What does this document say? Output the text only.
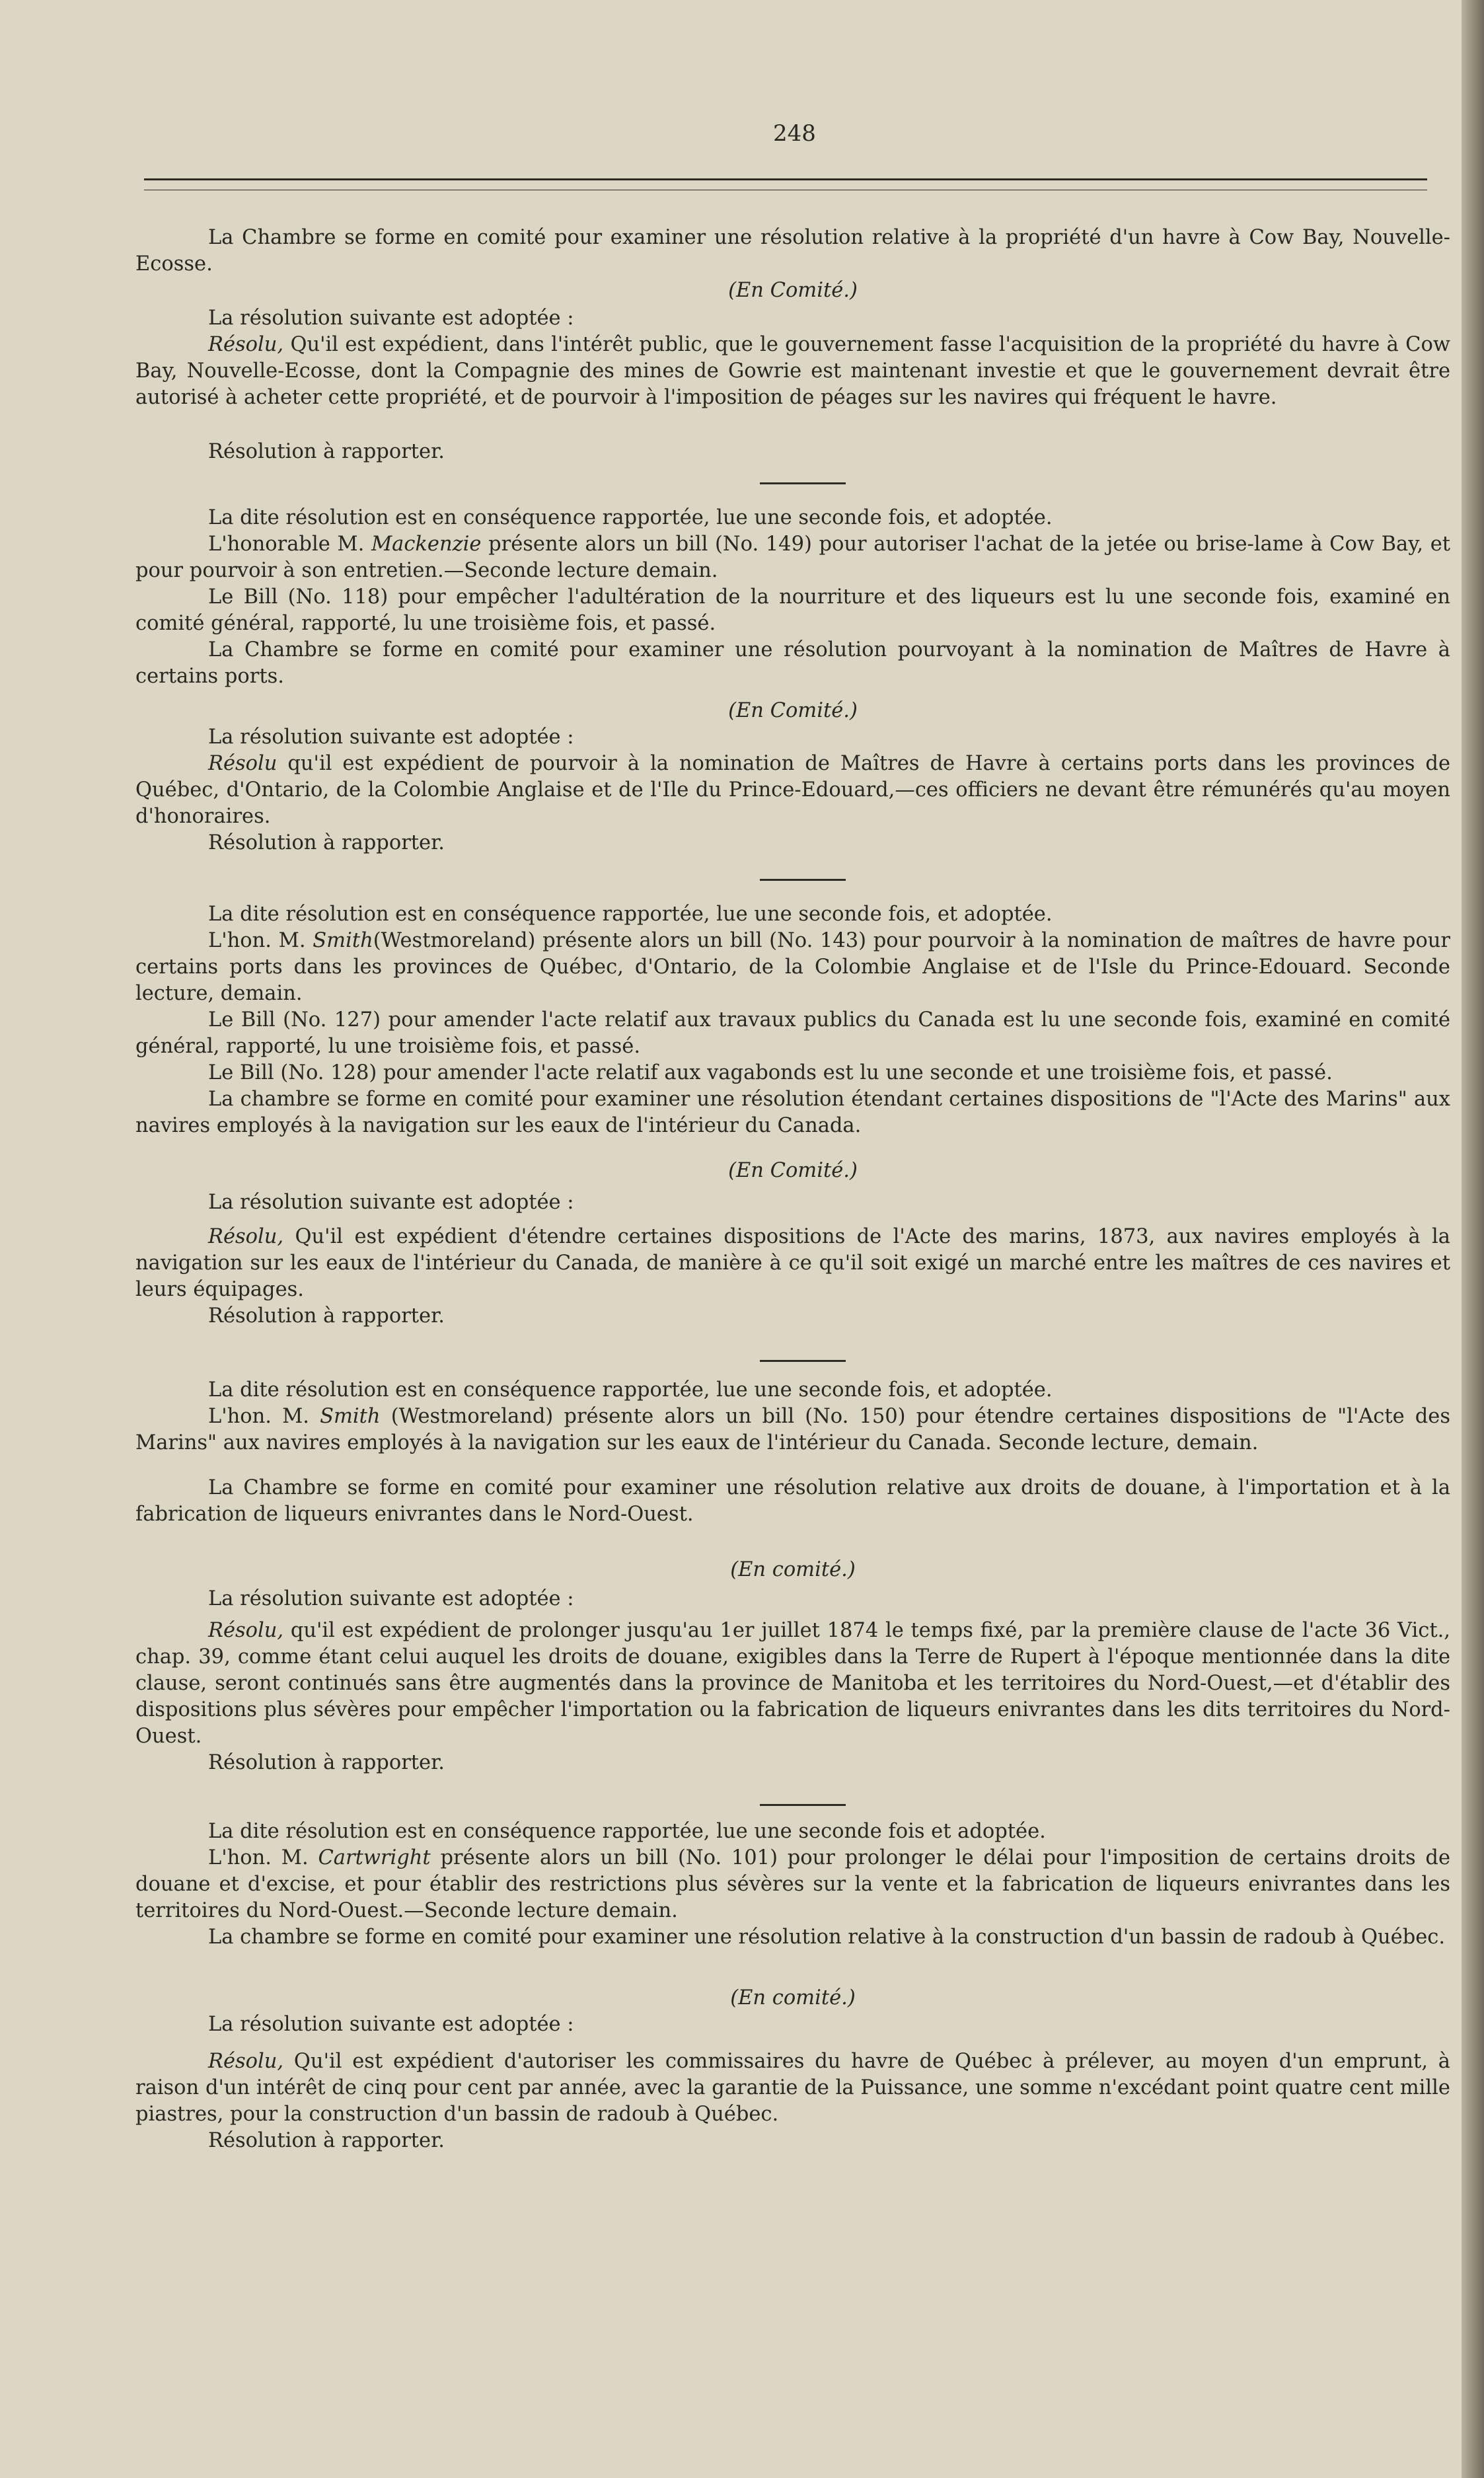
248
La Chambre se forme en comité pour examiner une résolution relative à la propriété d'un havre à Cow Bay, Nouvelle-Ecosse.
(En Comité.)
La résolution suivante est adoptée :
Résolu, Qu'il est expédient, dans l'intérêt public, que le gouvernement fasse l'acquisition de la propriété du havre à Cow Bay, Nouvelle-Ecosse, dont la Compagnie des mines de Gowrie est maintenant investie et que le gouvernement devrait être autorisé à acheter cette propriété, et de pourvoir à l'imposition de péages sur les navires qui fréquent le havre.
Résolution à rapporter.
La dite résolution est en conséquence rapportée, lue une seconde fois, et adoptée.
L'honorable M. Mackenzie présente alors un bill (No. 149) pour autoriser l'achat de la jetée ou brise-lame à Cow Bay, et pour pourvoir à son entretien.—Seconde lecture demain.
Le Bill (No. 118) pour empêcher l'adultération de la nourriture et des liqueurs est lu une seconde fois, examiné en comité général, rapporté, lu une troisième fois, et passé.
La Chambre se forme en comité pour examiner une résolution pourvoyant à la nomination de Maîtres de Havre à certains ports.
(En Comité.)
La résolution suivante est adoptée :
Résolu qu'il est expédient de pourvoir à la nomination de Maîtres de Havre à certains ports dans les provinces de Québec, d'Ontario, de la Colombie Anglaise et de l'Ile du Prince-Edouard,—ces officiers ne devant être rémunérés qu'au moyen d'honoraires.
Résolution à rapporter.
La dite résolution est en conséquence rapportée, lue une seconde fois, et adoptée.
L'hon. M. Smith(Westmoreland) présente alors un bill (No. 143) pour pourvoir à la nomination de maîtres de havre pour certains ports dans les provinces de Québec, d'Ontario, de la Colombie Anglaise et de l'Isle du Prince-Edouard. Seconde lecture, demain.
Le Bill (No. 127) pour amender l'acte relatif aux travaux publics du Canada est lu une seconde fois, examiné en comité général, rapporté, lu une troisième fois, et passé.
Le Bill (No. 128) pour amender l'acte relatif aux vagabonds est lu une seconde et une troisième fois, et passé.
La chambre se forme en comité pour examiner une résolution étendant certaines dispositions de "l'Acte des Marins" aux navires employés à la navigation sur les eaux de l'intérieur du Canada.
(En Comité.)
La résolution suivante est adoptée :
Résolu, Qu'il est expédient d'étendre certaines dispositions de l'Acte des marins, 1873, aux navires employés à la navigation sur les eaux de l'intérieur du Canada, de manière à ce qu'il soit exigé un marché entre les maîtres de ces navires et leurs équipages.
Résolution à rapporter.
La dite résolution est en conséquence rapportée, lue une seconde fois, et adoptée.
L'hon. M. Smith (Westmoreland) présente alors un bill (No. 150) pour étendre certaines dispositions de "l'Acte des Marins" aux navires employés à la navigation sur les eaux de l'intérieur du Canada. Seconde lecture, demain.
La Chambre se forme en comité pour examiner une résolution relative aux droits de douane, à l'importation et à la fabrication de liqueurs enivrantes dans le Nord-Ouest.
(En comité.)
La résolution suivante est adoptée :
Résolu, qu'il est expédient de prolonger jusqu'au 1er juillet 1874 le temps fixé, par la première clause de l'acte 36 Vict., chap. 39, comme étant celui auquel les droits de douane, exigibles dans la Terre de Rupert à l'époque mentionnée dans la dite clause, seront continués sans être augmentés dans la province de Manitoba et les territoires du Nord-Ouest,—et d'établir des dispositions plus sévères pour empêcher l'importation ou la fabrication de liqueurs enivrantes dans les dits territoires du Nord-Ouest.
Résolution à rapporter.
La dite résolution est en conséquence rapportée, lue une seconde fois et adoptée.
L'hon. M. Cartwright présente alors un bill (No. 101) pour prolonger le délai pour l'imposition de certains droits de douane et d'excise, et pour établir des restrictions plus sévères sur la vente et la fabrication de liqueurs enivrantes dans les territoires du Nord-Ouest.—Seconde lecture demain.
La chambre se forme en comité pour examiner une résolution relative à la construction d'un bassin de radoub à Québec.
(En comité.)
La résolution suivante est adoptée :
Résolu, Qu'il est expédient d'autoriser les commissaires du havre de Québec à prélever, au moyen d'un emprunt, à raison d'un intérêt de cinq pour cent par année, avec la garantie de la Puissance, une somme n'excédant point quatre cent mille piastres, pour la construction d'un bassin de radoub à Québec.
Résolution à rapporter.
